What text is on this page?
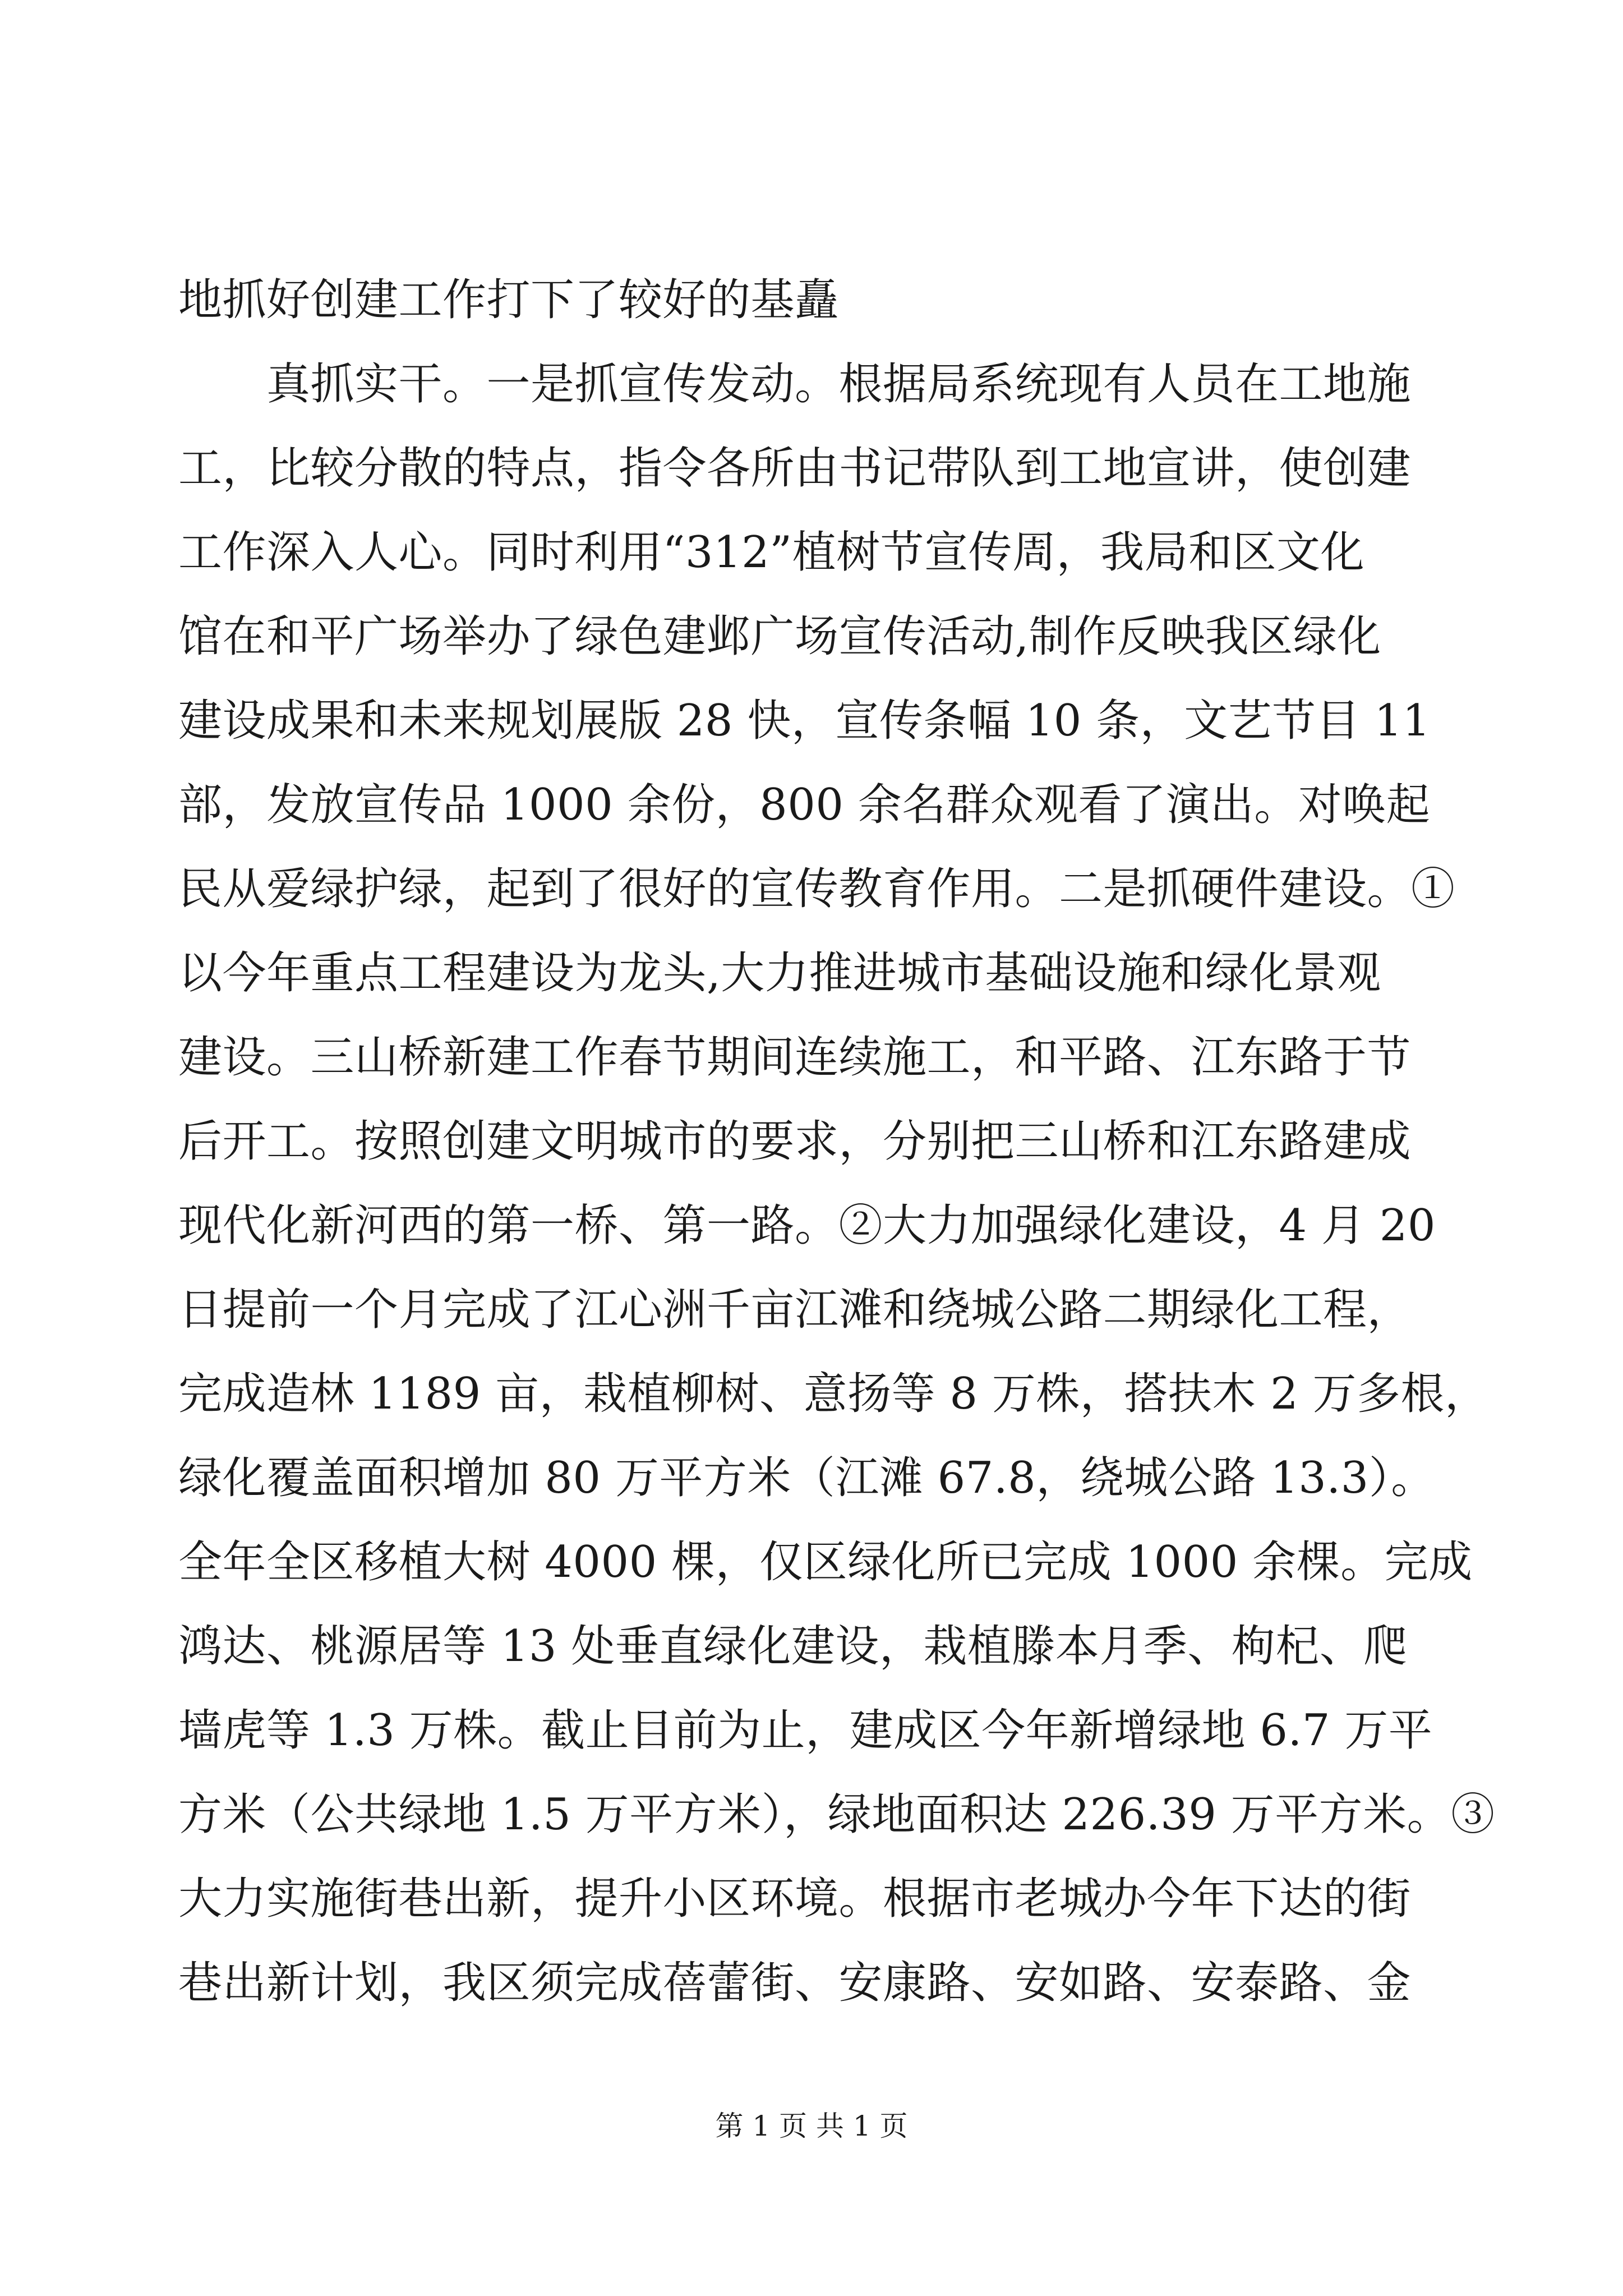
地抓好创建工作打下了较好的基矗
　　真抓实干。一是抓宣传发动。根据局系统现有人员在工地施
工，比较分散的特点，指令各所由书记带队到工地宣讲，使创建
工作深入人心。同时利用“312”植树节宣传周，我局和区文化
馆在和平广场举办了绿色建邺广场宣传活动,制作反映我区绿化
建设成果和未来规划展版 28 快，宣传条幅 10 条，文艺节目 11
部，发放宣传品 1000 余份，800 余名群众观看了演出。对唤起
民从爱绿护绿，起到了很好的宣传教育作用。二是抓硬件建设。①
以今年重点工程建设为龙头,大力推进城市基础设施和绿化景观
建设。三山桥新建工作春节期间连续施工，和平路、江东路于节
后开工。按照创建文明城市的要求，分别把三山桥和江东路建成
现代化新河西的第一桥、第一路。②大力加强绿化建设，4 月 20
日提前一个月完成了江心洲千亩江滩和绕城公路二期绿化工程，
完成造林 1189 亩，栽植柳树、意扬等 8 万株，搭扶木 2 万多根，
绿化覆盖面积增加 80 万平方米（江滩 67.8，绕城公路 13.3）。
全年全区移植大树 4000 棵，仅区绿化所已完成 1000 余棵。完成
鸿达、桃源居等 13 处垂直绿化建设，栽植滕本月季、枸杞、爬
墙虎等 1.3 万株。截止目前为止，建成区今年新增绿地 6.7 万平
方米（公共绿地 1.5 万平方米），绿地面积达 226.39 万平方米。③
大力实施街巷出新，提升小区环境。根据市老城办今年下达的街
巷出新计划，我区须完成蓓蕾街、安康路、安如路、安泰路、金
第 1 页 共 1 页
